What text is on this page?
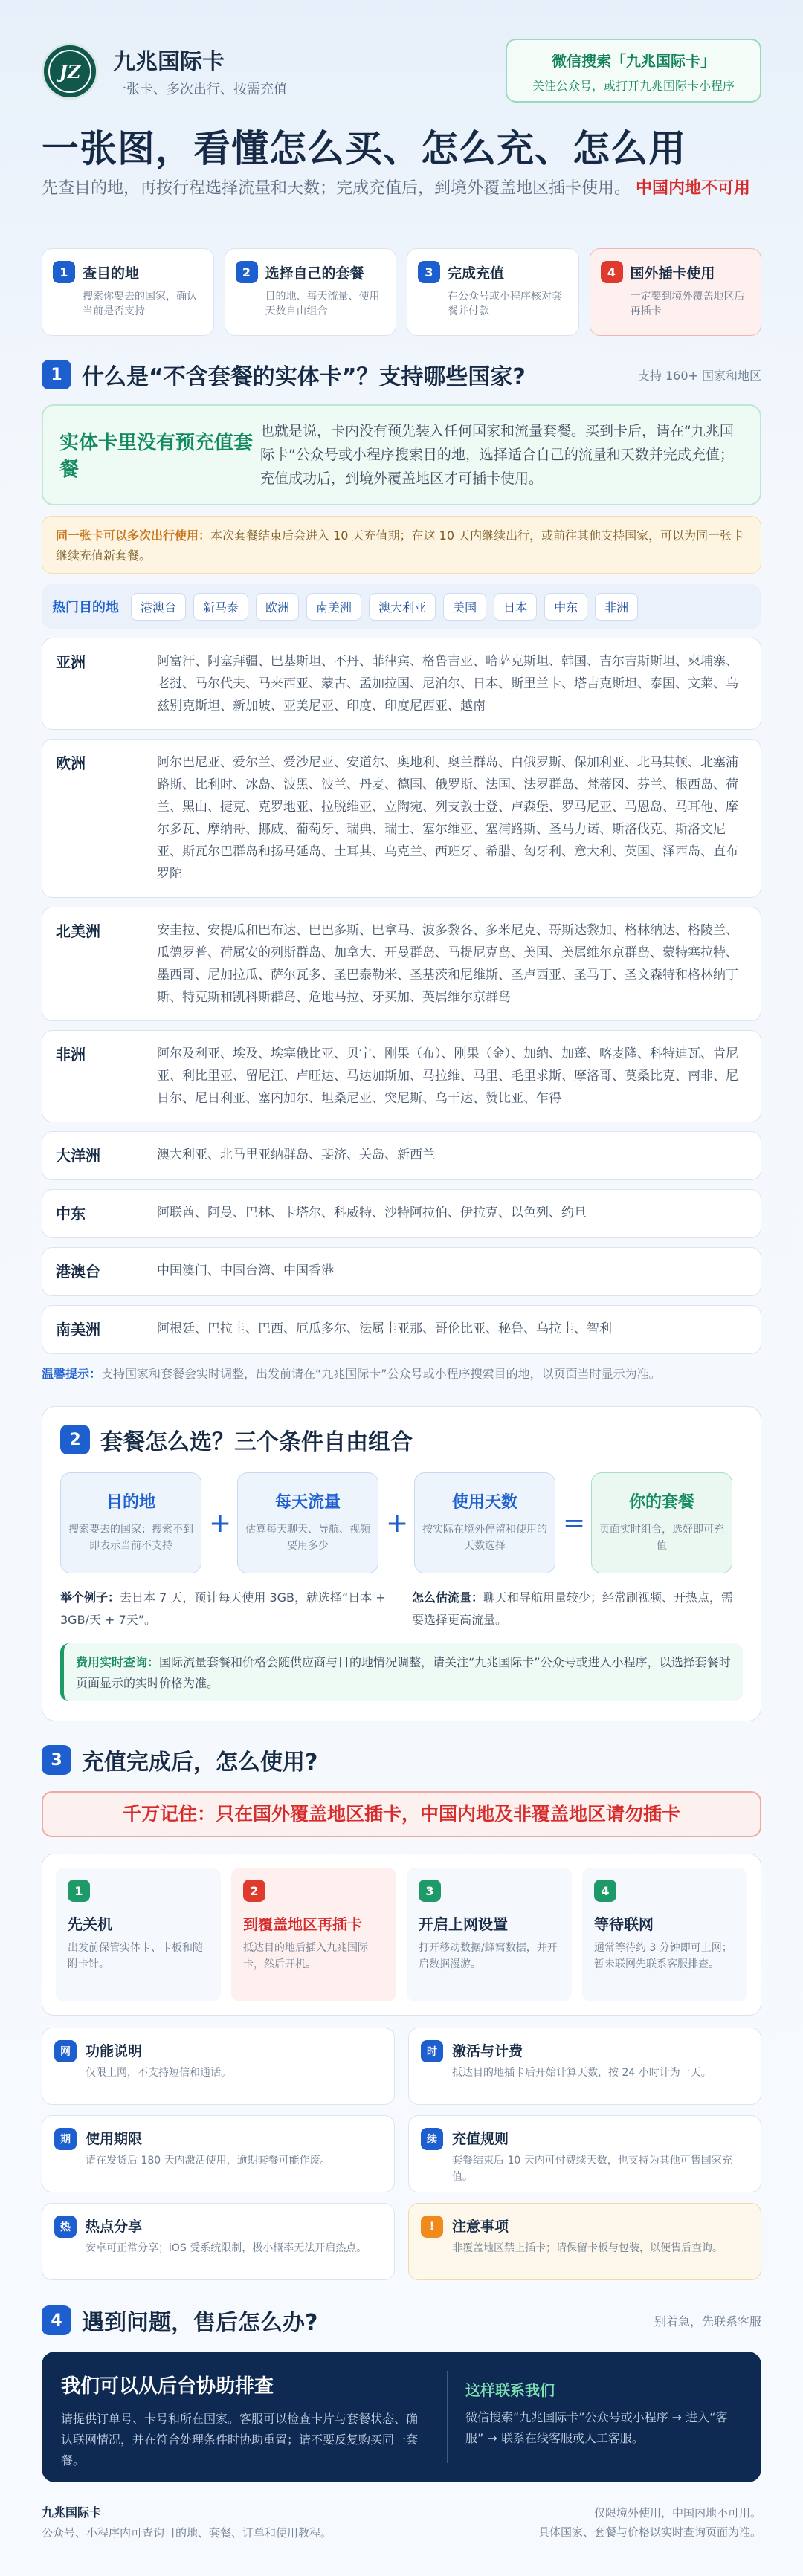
JZ	九兆国际卡
一张卡、多次出行、按需充值
微信搜索「九兆国际卡」
关注公众号，或打开九兆国际卡小程序
一张图，看懂怎么买、怎么充、怎么用
先查目的地，再按行程选择流量和天数；完成充值后，到境外覆盖地区插卡使用。 中国内地不可用
1	查目的地
搜索你要去的国家，确认当前是否支持
2	选择自己的套餐
目的地、每天流量、使用天数自由组合
3	完成充值
在公众号或小程序核对套餐并付款
4	国外插卡使用
一定要到境外覆盖地区后再插卡
1 什么是“不含套餐的实体卡”？支持哪些国家?	支持 160+ 国家和地区
实体卡里没有预充值套餐
也就是说，卡内没有预先装入任何国家和流量套餐。买到卡后，请在“九兆国际卡”公众号或小程序搜索目的地，选择适合自己的流量和天数并完成充值；充值成功后，到境外覆盖地区才可插卡使用。
同一张卡可以多次出行使用：本次套餐结束后会进入 10 天充值期；在这 10 天内继续出行，或前往其他支持国家，可以为同一张卡继续充值新套餐。
热门目的地	港澳台	新马泰	欧洲	南美洲	澳大利亚	美国	日本	中东	非洲
亚洲	阿富汗、阿塞拜疆、巴基斯坦、不丹、菲律宾、格鲁吉亚、哈萨克斯坦、韩国、吉尔吉斯斯坦、柬埔寨、老挝、马尔代夫、马来西亚、蒙古、孟加拉国、尼泊尔、日本、斯里兰卡、塔吉克斯坦、泰国、文莱、乌兹别克斯坦、新加坡、亚美尼亚、印度、印度尼西亚、越南
欧洲	阿尔巴尼亚、爱尔兰、爱沙尼亚、安道尔、奥地利、奥兰群岛、白俄罗斯、保加利亚、北马其顿、北塞浦路斯、比利时、冰岛、波黑、波兰、丹麦、德国、俄罗斯、法国、法罗群岛、梵蒂冈、芬兰、根西岛、荷兰、黑山、捷克、克罗地亚、拉脱维亚、立陶宛、列支敦士登、卢森堡、罗马尼亚、马恩岛、马耳他、摩尔多瓦、摩纳哥、挪威、葡萄牙、瑞典、瑞士、塞尔维亚、塞浦路斯、圣马力诺、斯洛伐克、斯洛文尼亚、斯瓦尔巴群岛和扬马延岛、土耳其、乌克兰、西班牙、希腊、匈牙利、意大利、英国、泽西岛、直布罗陀
北美洲	安圭拉、安提瓜和巴布达、巴巴多斯、巴拿马、波多黎各、多米尼克、哥斯达黎加、格林纳达、格陵兰、瓜德罗普、荷属安的列斯群岛、加拿大、开曼群岛、马提尼克岛、美国、美属维尔京群岛、蒙特塞拉特、墨西哥、尼加拉瓜、萨尔瓦多、圣巴泰勒米、圣基茨和尼维斯、圣卢西亚、圣马丁、圣文森特和格林纳丁斯、特克斯和凯科斯群岛、危地马拉、牙买加、英属维尔京群岛
非洲	阿尔及利亚、埃及、埃塞俄比亚、贝宁、刚果（布）、刚果（金）、加纳、加蓬、喀麦隆、科特迪瓦、肯尼亚、利比里亚、留尼汪、卢旺达、马达加斯加、马拉维、马里、毛里求斯、摩洛哥、莫桑比克、南非、尼日尔、尼日利亚、塞内加尔、坦桑尼亚、突尼斯、乌干达、赞比亚、乍得
大洋洲	澳大利亚、北马里亚纳群岛、斐济、关岛、新西兰
中东	阿联酋、阿曼、巴林、卡塔尔、科威特、沙特阿拉伯、伊拉克、以色列、约旦
港澳台	中国澳门、中国台湾、中国香港
南美洲	阿根廷、巴拉圭、巴西、厄瓜多尔、法属圭亚那、哥伦比亚、秘鲁、乌拉圭、智利
温馨提示：支持国家和套餐会实时调整，出发前请在“九兆国际卡”公众号或小程序搜索目的地，以页面当时显示为准。
2 套餐怎么选？三个条件自由组合
目的地
搜索要去的国家；搜索不到即表示当前不支持
+
每天流量
估算每天聊天、导航、视频要用多少
+
使用天数
按实际在境外停留和使用的天数选择
=
你的套餐
页面实时组合，选好即可充值
举个例子：去日本 7 天，预计每天使用 3GB，就选择“日本 + 3GB/天 + 7天”。
怎么估流量：聊天和导航用量较少；经常刷视频、开热点，需要选择更高流量。
费用实时查询：国际流量套餐和价格会随供应商与目的地情况调整，请关注“九兆国际卡”公众号或进入小程序，以选择套餐时页面显示的实时价格为准。
3 充值完成后，怎么使用?
千万记住：只在国外覆盖地区插卡，中国内地及非覆盖地区请勿插卡
1
先关机
出发前保管实体卡、卡板和随附卡针。
2
到覆盖地区再插卡
抵达目的地后插入九兆国际卡，然后开机。
3
开启上网设置
打开移动数据/蜂窝数据，并开启数据漫游。
4
等待联网
通常等待约 3 分钟即可上网；暂未联网先联系客服排查。
网	功能说明
仅限上网，不支持短信和通话。
时	激活与计费
抵达目的地插卡后开始计算天数，按 24 小时计为一天。
期	使用期限
请在发货后 180 天内激活使用，逾期套餐可能作废。
续	充值规则
套餐结束后 10 天内可付费续天数，也支持为其他可售国家充值。
热	热点分享
安卓可正常分享；iOS 受系统限制，极小概率无法开启热点。
!	注意事项
非覆盖地区禁止插卡；请保留卡板与包装，以便售后查询。
4 遇到问题，售后怎么办?	别着急，先联系客服
我们可以从后台协助排查
请提供订单号、卡号和所在国家。客服可以检查卡片与套餐状态、确认联网情况，并在符合处理条件时协助重置；请不要反复购买同一套餐。
这样联系我们
微信搜索“九兆国际卡”公众号或小程序 → 进入“客服” → 联系在线客服或人工客服。
九兆国际卡
公众号、小程序内可查询目的地、套餐、订单和使用教程。
仅限境外使用，中国内地不可用。
具体国家、套餐与价格以实时查询页面为准。
